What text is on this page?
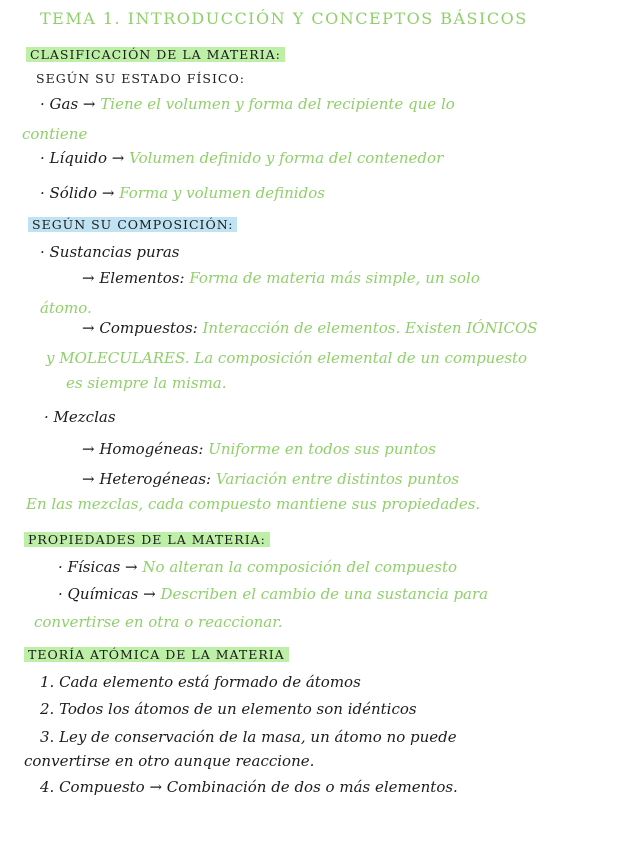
TEMA 1. INTRODUCCIÓN Y CONCEPTOS BÁSICOS
CLASIFICACIÓN DE LA MATERIA:
SEGÚN SU ESTADO FÍSICO:
· Gas → Tiene el volumen y forma del recipiente que lo
contiene
· Líquido → Volumen definido y forma del contenedor
· Sólido → Forma y volumen definidos
SEGÚN SU COMPOSICIÓN:
· Sustancias puras
→ Elementos: Forma de materia más simple, un solo
átomo.
→ Compuestos: Interacción de elementos. Existen IÓNICOS
y MOLECULARES. La composición elemental de un compuesto
es siempre la misma.
· Mezclas
→ Homogéneas: Uniforme en todos sus puntos
→ Heterogéneas: Variación entre distintos puntos
En las mezclas, cada compuesto mantiene sus propiedades.
PROPIEDADES DE LA MATERIA:
· Físicas → No alteran la composición del compuesto
· Químicas → Describen el cambio de una sustancia para
convertirse en otra o reaccionar.
TEORÍA ATÓMICA DE LA MATERIA
1. Cada elemento está formado de átomos
2. Todos los átomos de un elemento son idénticos
3. Ley de conservación de la masa, un átomo no puede
convertirse en otro aunque reaccione.
4. Compuesto → Combinación de dos o más elementos.
